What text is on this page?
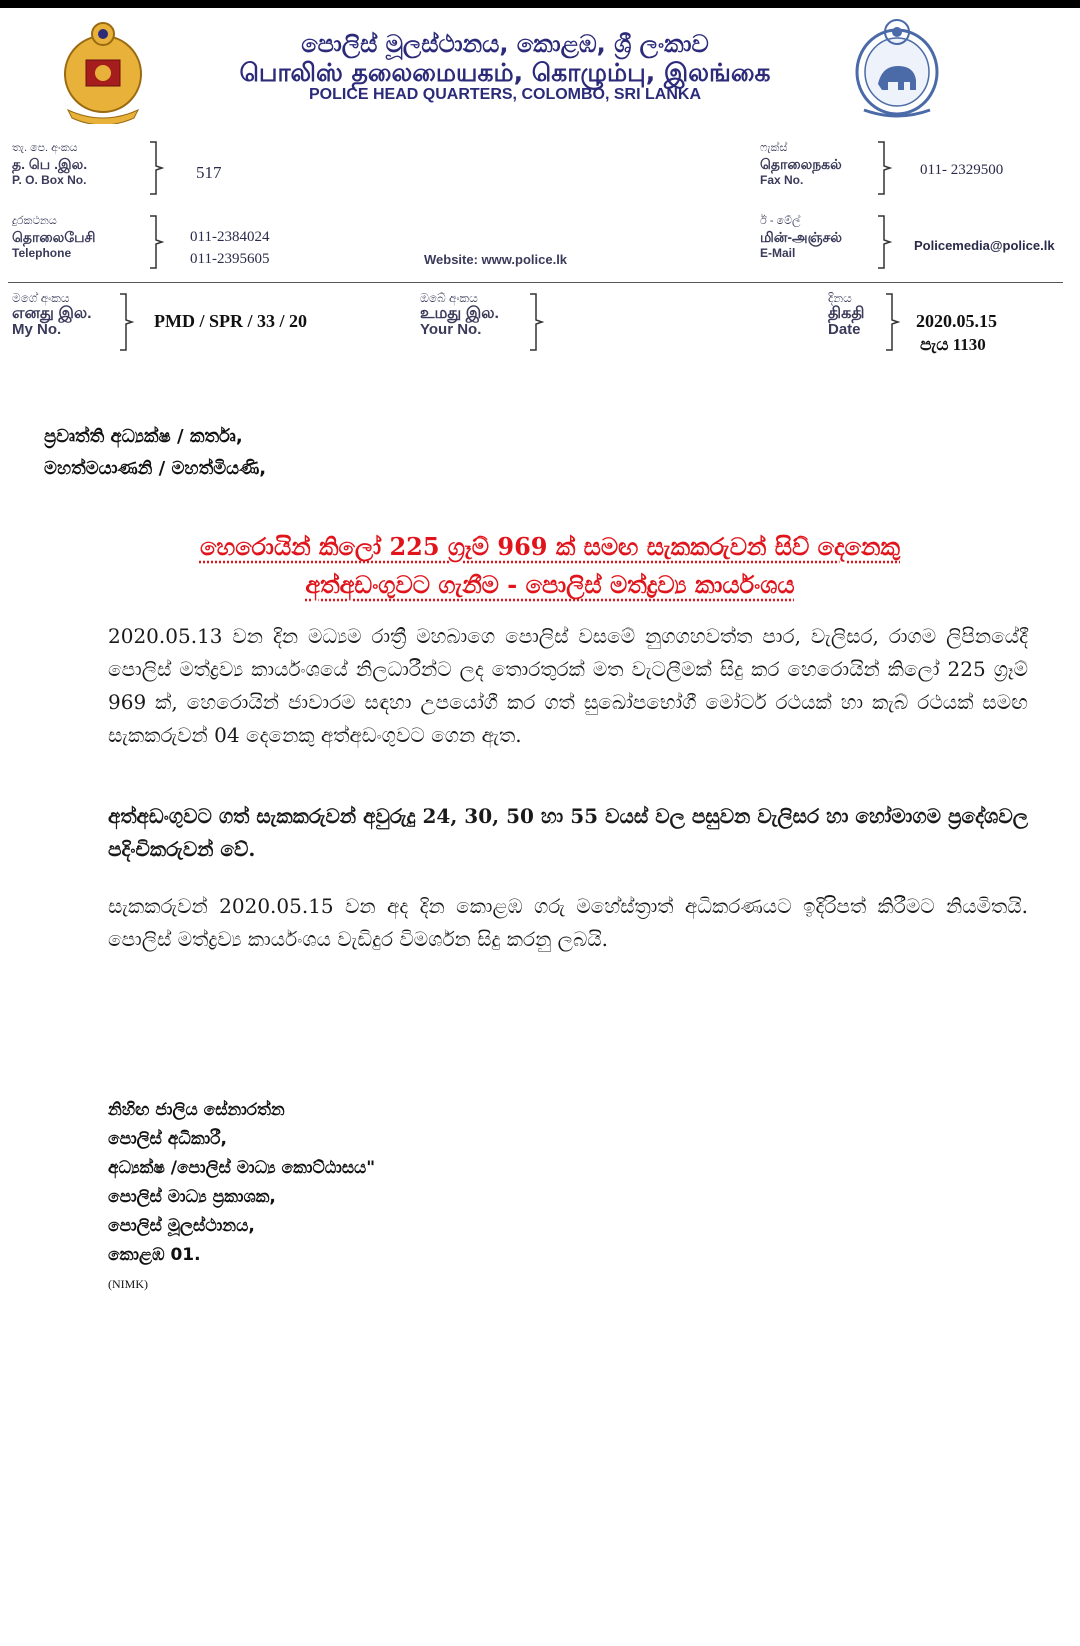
පොලිස් මූලස්ථානය, කොළඹ, ශ්‍රී ලංකාව
பொலிஸ் தலைமையகம், கொழும்பு, இலங்கை
POLICE HEAD QUARTERS, COLOMBO, SRI LANKA
තැ. පෙ. අංකය
த. பெ .இல.
P. O. Box No.	517
ෆැක්ස්
தொலைநகல்
Fax No.
011- 2329500
දුරකථනය
தொலைபேசி
Telephone
011-2384024
011-2395605	Website: www.police.lk
ඊ - මේල්
மின்-அஞ்சல்
E-Mail	Policemedia@police.lk
මගේ අංකය
எனது இல.
My No.	PMD / SPR / 33 / 20
ඔබේ අංකය
உமது இல.
Your No.
දිනය
திகதி
Date	2020.05.15
පැය 1130
ප්‍රවෘත්ති අධ්‍යක්ෂ / කර්තෘ,
මහත්මයාණනි / මහත්මියණි,
හෙරොයින් කිලෝ 225 ග්‍රෑම් 969 ක් සමඟ සැකකරුවන් සිව් දෙනෙකු
අත්අඩංගුවට ගැනීම - පොලිස් මත්ද්‍රව්‍ය කාර්යංශය
2020.05.13 වන දින මධ්‍යම රාත්‍රී මහබාගෙ පොලිස් වසමේ නුගගහවත්ත පාර, වැලිසර, රාගම ලිපිනයේදී පොලිස් මත්ද්‍රව්‍ය කාර්යංශයේ නිලධාරීන්ට ලද තොරතුරක් මත වැටලීමක් සිදු කර හෙරොයින් කිලෝ 225 ග්‍රෑම් 969 ක්, හෙරොයින් ජාවාරම සඳහා උපයෝගී කර ගත් සුඛෝපභෝගී මෝටර් රථයක් හා කැබ් රථයක් සමඟ සැකකරුවන් 04 දෙනෙකු අත්අඩංගුවට ගෙන ඇත.
අත්අඩංගුවට ගත් සැකකරුවන් අවුරුදු 24, 30, 50 හා 55 වයස් වල පසුවන වැලිසර හා හෝමාගම ප්‍රදේශවල පදිංචිකරුවන් වේ.
සැකකරුවන් 2020.05.15 වන අද දින කොළඹ ගරු මහේස්ත්‍රාත් අධිකරණයට ඉදිරිපත් කිරීමට නියමිතයි. පොලිස් මත්ද්‍රව්‍ය කාර්යංශය වැඩිදුර විමර්ශන සිදු කරනු ලබයි.
නිහිඟ ජාලිය සේනාරත්න
පොලිස් අධිකාරී,
අධ්‍යක්ෂ /පොලිස් මාධ්‍ය කොට්ඨාසය"
පොලිස් මාධ්‍ය ප්‍රකාශක,
පොලිස් මූලස්ථානය,
කොළඹ 01.
(NIMK)
